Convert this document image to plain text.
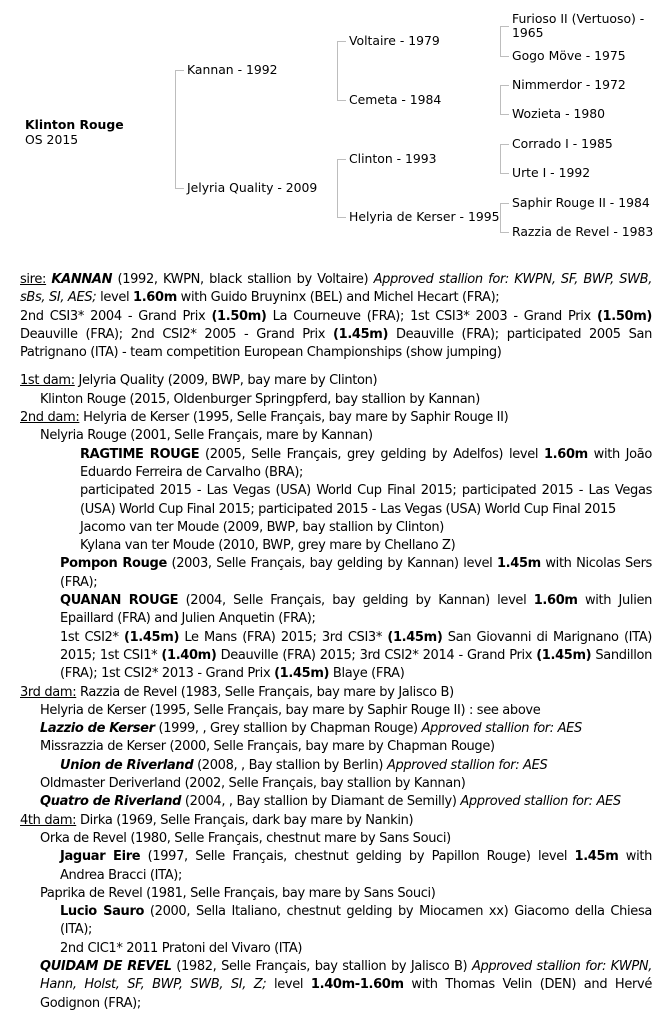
Klinton Rouge
OS 2015
Kannan - 1992
Jelyria Quality - 2009
Voltaire - 1979
Cemeta - 1984
Clinton - 1993
Helyria de Kerser - 1995
Furioso II (Vertuoso) -
1965
Gogo Möve - 1975
Nimmerdor - 1972
Wozieta - 1980
Corrado I - 1985
Urte I - 1992
Saphir Rouge II - 1984
Razzia de Revel - 1983

sire: KANNAN (1992, KWPN, black stallion by Voltaire) Approved stallion for: KWPN, SF, BWP, SWB, sBs, SI, AES; level 1.60m with Guido Bruyninx (BEL) and Michel Hecart (FRA);

2nd CSI3* 2004 - Grand Prix (1.50m) La Courneuve (FRA); 1st CSI3* 2003 - Grand Prix (1.50m) Deauville (FRA); 2nd CSI2* 2005 - Grand Prix (1.45m) Deauville (FRA); participated 2005 San Patrignano (ITA) - team competition European Championships (show jumping)

1st dam: Jelyria Quality (2009, BWP, bay mare by Clinton)

Klinton Rouge (2015, Oldenburger Springpferd, bay stallion by Kannan)

2nd dam: Helyria de Kerser (1995, Selle Français, bay mare by Saphir Rouge II)

Nelyria Rouge (2001, Selle Français, mare by Kannan)

RAGTIME ROUGE (2005, Selle Français, grey gelding by Adelfos) level 1.60m with João Eduardo Ferreira de Carvalho (BRA);

participated 2015 - Las Vegas (USA) World Cup Final 2015; participated 2015 - Las Vegas (USA) World Cup Final 2015; participated 2015 - Las Vegas (USA) World Cup Final 2015

Jacomo van ter Moude (2009, BWP, bay stallion by Clinton)

Kylana van ter Moude (2010, BWP, grey mare by Chellano Z)

Pompon Rouge (2003, Selle Français, bay gelding by Kannan) level 1.45m with Nicolas Sers (FRA);

QUANAN ROUGE (2004, Selle Français, bay gelding by Kannan) level 1.60m with Julien Epaillard (FRA) and Julien Anquetin (FRA);

1st CSI2* (1.45m) Le Mans (FRA) 2015; 3rd CSI3* (1.45m) San Giovanni di Marignano (ITA) 2015; 1st CSI1* (1.40m) Deauville (FRA) 2015; 3rd CSI2* 2014 - Grand Prix (1.45m) Sandillon (FRA); 1st CSI2* 2013 - Grand Prix (1.45m) Blaye (FRA)

3rd dam: Razzia de Revel (1983, Selle Français, bay mare by Jalisco B)

Helyria de Kerser (1995, Selle Français, bay mare by Saphir Rouge II) : see above

Lazzio de Kerser (1999, , Grey stallion by Chapman Rouge) Approved stallion for: AES

Missrazzia de Kerser (2000, Selle Français, bay mare by Chapman Rouge)

Union de Riverland (2008, , Bay stallion by Berlin) Approved stallion for: AES

Oldmaster Deriverland (2002, Selle Français, bay stallion by Kannan)

Quatro de Riverland (2004, , Bay stallion by Diamant de Semilly) Approved stallion for: AES

4th dam: Dirka (1969, Selle Français, dark bay mare by Nankin)

Orka de Revel (1980, Selle Français, chestnut mare by Sans Souci)

Jaguar Eire (1997, Selle Français, chestnut gelding by Papillon Rouge) level 1.45m with Andrea Bracci (ITA);

Paprika de Revel (1981, Selle Français, bay mare by Sans Souci)

Lucio Sauro (2000, Sella Italiano, chestnut gelding by Miocamen xx) Giacomo della Chiesa (ITA);

2nd CIC1* 2011 Pratoni del Vivaro (ITA)

QUIDAM DE REVEL (1982, Selle Français, bay stallion by Jalisco B) Approved stallion for: KWPN, Hann, Holst, SF, BWP, SWB, SI, Z; level 1.40m-1.60m with Thomas Velin (DEN) and Hervé Godignon (FRA);
